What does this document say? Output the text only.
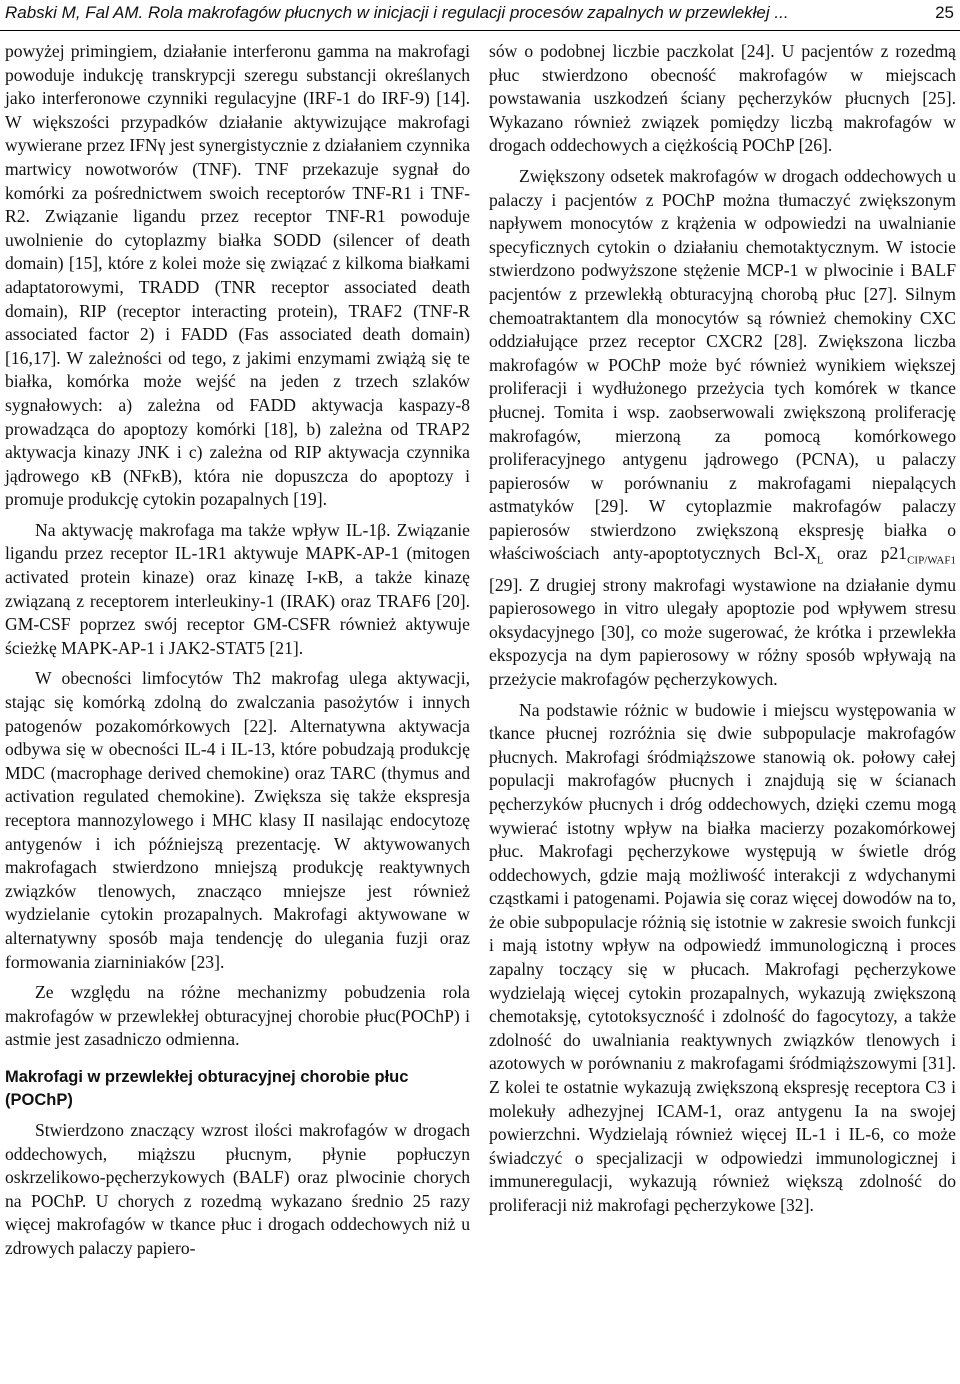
Rabski M, Fal AM. Rola makrofagów płucnych w inicjacji i regulacji procesów zapalnych w przewlekłej ...	25

powyżej primingiem, działanie interferonu gamma na makrofagi powoduje indukcję transkrypcji szeregu substancji określanych jako interferonowe czynniki regulacyjne (IRF-1 do IRF-9) [14]. W większości przypadków działanie aktywizujące makrofagi wywierane przez IFNγ jest synergistycznie z działaniem czynnika martwicy nowotworów (TNF). TNF przekazuje sygnał do komórki za pośrednictwem swoich receptorów TNF-R1 i TNF-R2. Związanie ligandu przez receptor TNF-R1 powoduje uwolnienie do cytoplazmy białka SODD (silencer of death domain) [15], które z kolei może się związać z kilkoma białkami adaptatorowymi, TRADD (TNR receptor associated death domain), RIP (receptor interacting protein), TRAF2 (TNF-R associated factor 2) i FADD (Fas associated death domain) [16,17]. W zależności od tego, z jakimi enzymami zwiążą się te białka, komórka może wejść na jeden z trzech szlaków sygnałowych: a) zależna od FADD aktywacja kaspazy-8 prowadząca do apoptozy komórki [18], b) zależna od TRAP2 aktywacja kinazy JNK i c) zależna od RIP aktywacja czynnika jądrowego κB (NFκB), która nie dopuszcza do apoptozy i promuje produkcję cytokin pozapalnych [19].

Na aktywację makrofaga ma także wpływ IL-1β. Związanie ligandu przez receptor IL-1R1 aktywuje MAPK-AP-1 (mitogen activated protein kinaze) oraz kinazę I-κB, a także kinazę związaną z receptorem interleukiny-1 (IRAK) oraz TRAF6 [20]. GM-CSF poprzez swój receptor GM-CSFR również aktywuje ścieżkę MAPK-AP-1 i JAK2-STAT5 [21].

W obecności limfocytów Th2 makrofag ulega aktywacji, stając się komórką zdolną do zwalczania pasożytów i innych patogenów pozakomórkowych [22]. Alternatywna aktywacja odbywa się w obecności IL-4 i IL-13, które pobudzają produkcję MDC (macrophage derived chemokine) oraz TARC (thymus and activation regulated chemokine). Zwiększa się także ekspresja receptora mannozylowego i MHC klasy II nasilając endocytozę antygenów i ich późniejszą prezentację. W aktywowanych makrofagach stwierdzono mniejszą produkcję reaktywnych związków tlenowych, znacząco mniejsze jest również wydzielanie cytokin prozapalnych. Makrofagi aktywowane w alternatywny sposób maja tendencję do ulegania fuzji oraz formowania ziarniniaków [23].

Ze względu na różne mechanizmy pobudzenia rola makrofagów w przewlekłej obturacyjnej chorobie płuc(POChP) i astmie jest zasadniczo odmienna.

Makrofagi w przewlekłej obturacyjnej chorobie płuc (POChP)

Stwierdzono znaczący wzrost ilości makrofagów w drogach oddechowych, miąższu płucnym, płynie popłuczyn oskrzelikowo-pęcherzykowych (BALF) oraz plwocinie chorych na POChP. U chorych z rozedmą wykazano średnio 25 razy więcej makrofagów w tkance płuc i drogach oddechowych niż u zdrowych palaczy papiero-

sów o podobnej liczbie paczkolat [24]. U pacjentów z rozedmą płuc stwierdzono obecność makrofagów w miejscach powstawania uszkodzeń ściany pęcherzyków płucnych [25]. Wykazano również związek pomiędzy liczbą makrofagów w drogach oddechowych a ciężkością POChP [26].

Zwiększony odsetek makrofagów w drogach oddechowych u palaczy i pacjentów z POChP można tłumaczyć zwiększonym napływem monocytów z krążenia w odpowiedzi na uwalnianie specyficznych cytokin o działaniu chemotaktycznym. W istocie stwierdzono podwyższone stężenie MCP-1 w plwocinie i BALF pacjentów z przewlekłą obturacyjną chorobą płuc [27]. Silnym chemoatraktantem dla monocytów są również chemokiny CXC oddziałujące przez receptor CXCR2 [28]. Zwiększona liczba makrofagów w POChP może być również wynikiem większej proliferacji i wydłużonego przeżycia tych komórek w tkance płucnej. Tomita i wsp. zaobserwowali zwiększoną proliferację makrofagów, mierzoną za pomocą komórkowego proliferacyjnego antygenu jądrowego (PCNA), u palaczy papierosów w porównaniu z makrofagami niepalących astmatyków [29]. W cytoplazmie makrofagów palaczy papierosów stwierdzono zwiększoną ekspresję białka o właściwościach anty-apoptotycznych Bcl-$X_L$ oraz $p21_{CIP/WAF1}$ [29]. Z drugiej strony makrofagi wystawione na działanie dymu papierosowego in vitro ulegały apoptozie pod wpływem stresu oksydacyjnego [30], co może sugerować, że krótka i przewlekła ekspozycja na dym papierosowy w różny sposób wpływają na przeżycie makrofagów pęcherzykowych.

Na podstawie różnic w budowie i miejscu występowania w tkance płucnej rozróżnia się dwie subpopulacje makrofagów płucnych. Makrofagi śródmiąższowe stanowią ok. połowy całej populacji makrofagów płucnych i znajdują się w ścianach pęcherzyków płucnych i dróg oddechowych, dzięki czemu mogą wywierać istotny wpływ na białka macierzy pozakomórkowej płuc. Makrofagi pęcherzykowe występują w świetle dróg oddechowych, gdzie mają możliwość interakcji z wdychanymi cząstkami i patogenami. Pojawia się coraz więcej dowodów na to, że obie subpopulacje różnią się istotnie w zakresie swoich funkcji i mają istotny wpływ na odpowiedź immunologiczną i proces zapalny toczący się w płucach. Makrofagi pęcherzykowe wydzielają więcej cytokin prozapalnych, wykazują zwiększoną chemotaksję, cytotoksyczność i zdolność do fagocytozy, a także zdolność do uwalniania reaktywnych związków tlenowych i azotowych w porównaniu z makrofagami śródmiąższowymi [31]. Z kolei te ostatnie wykazują zwiększoną ekspresję receptora C3 i molekuły adhezyjnej ICAM-1, oraz antygenu Ia na swojej powierzchni. Wydzielają również więcej IL-1 i IL-6, co może świadczyć o specjalizacji w odpowiedzi immunologicznej i immuneregulacji, wykazują również większą zdolność do proliferacji niż makrofagi pęcherzykowe [32].
